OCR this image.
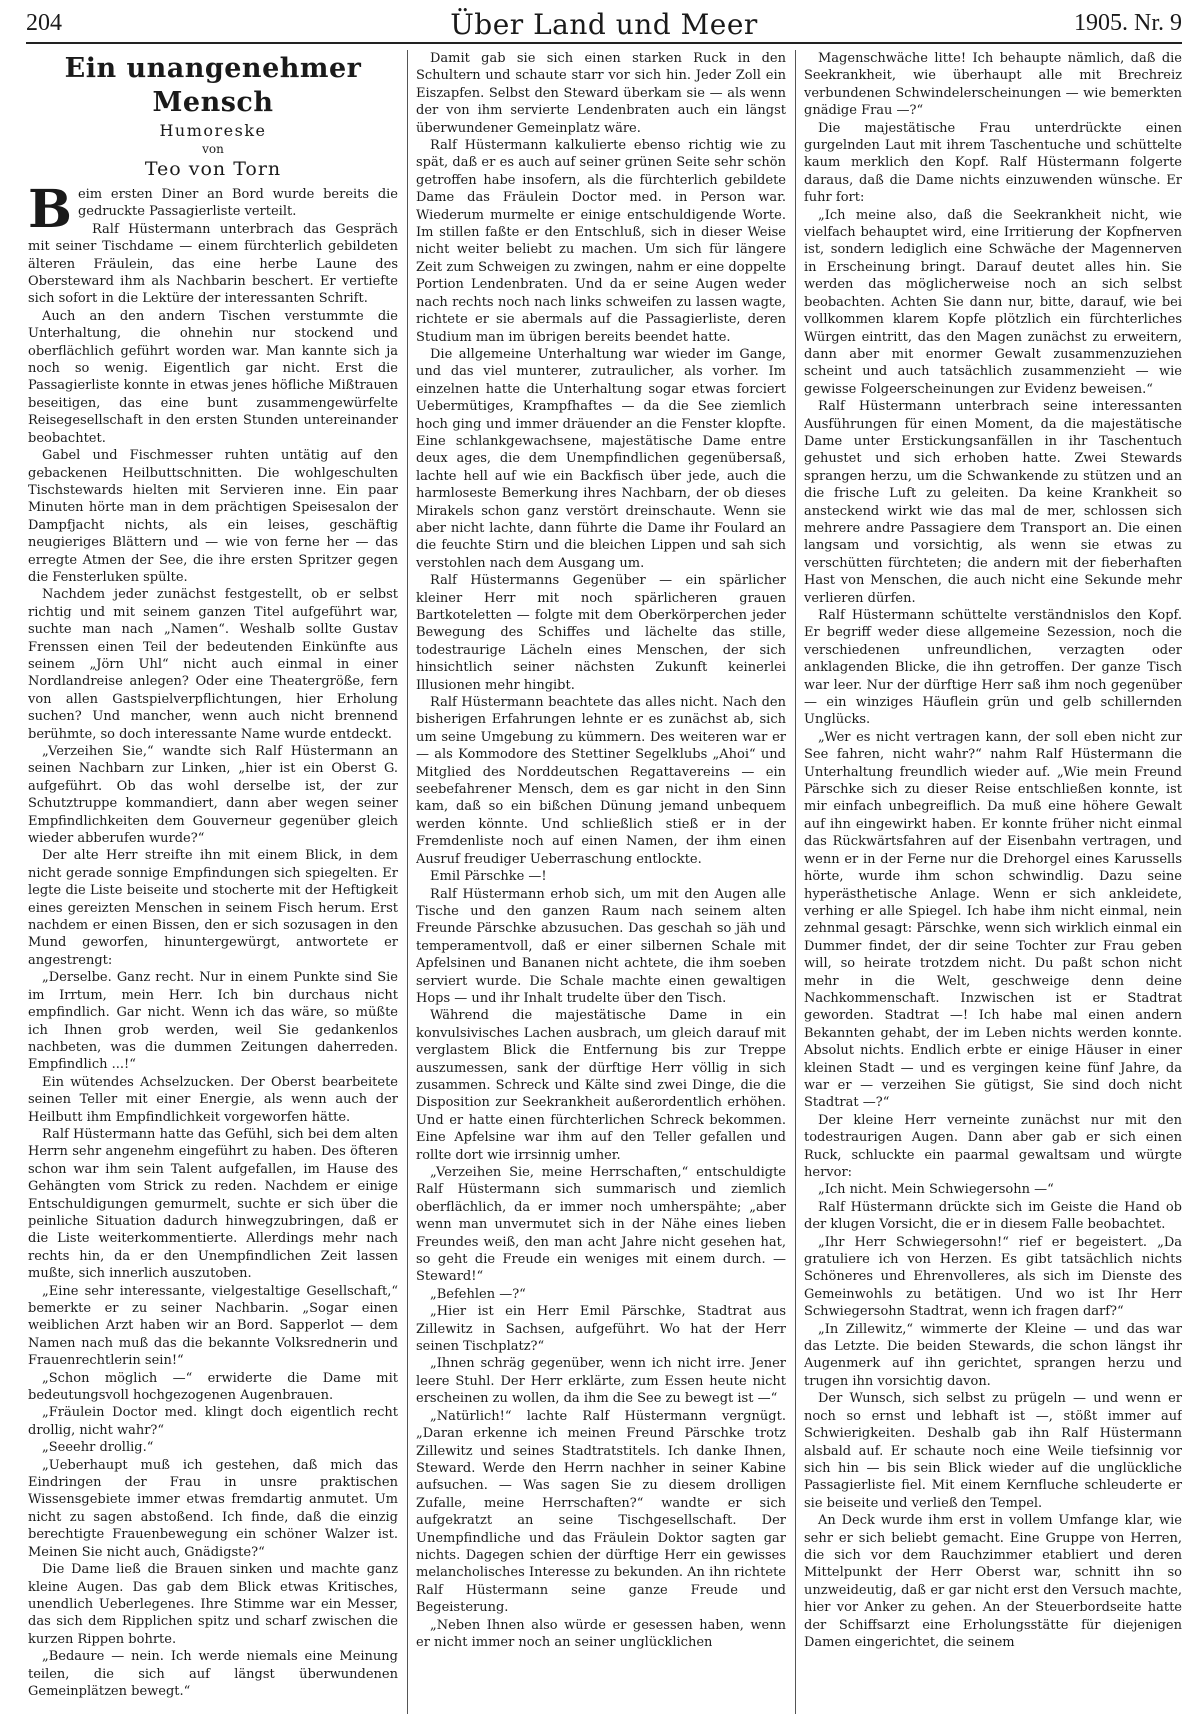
204	Über Land und Meer	1905. Nr. 9
Ein unangenehmer Mensch
Humoreske
von
Teo von Torn

Beim ersten Diner an Bord wurde bereits die gedruckte Passagierliste verteilt.

Ralf Hüstermann unterbrach das Gespräch mit seiner Tischdame — einem fürchterlich gebildeten älteren Fräulein, das eine herbe Laune des Obersteward ihm als Nachbarin beschert. Er vertiefte sich sofort in die Lektüre der interessanten Schrift.

Auch an den andern Tischen verstummte die Unterhaltung, die ohnehin nur stockend und oberflächlich geführt worden war. Man kannte sich ja noch so wenig. Eigentlich gar nicht. Erst die Passagierliste konnte in etwas jenes höfliche Mißtrauen beseitigen, das eine bunt zusammengewürfelte Reisegesellschaft in den ersten Stunden untereinander beobachtet.

Gabel und Fischmesser ruhten untätig auf den gebackenen Heilbuttschnitten. Die wohlgeschulten Tischstewards hielten mit Servieren inne. Ein paar Minuten hörte man in dem prächtigen Speisesalon der Dampfjacht nichts, als ein leises, geschäftig neugieriges Blättern und — wie von ferne her — das erregte Atmen der See, die ihre ersten Spritzer gegen die Fensterluken spülte.

Nachdem jeder zunächst festgestellt, ob er selbst richtig und mit seinem ganzen Titel aufgeführt war, suchte man nach „Namen“. Weshalb sollte Gustav Frenssen einen Teil der bedeutenden Einkünfte aus seinem „Jörn Uhl“ nicht auch einmal in einer Nordlandreise anlegen? Oder eine Theatergröße, fern von allen Gastspielverpflichtungen, hier Erholung suchen? Und mancher, wenn auch nicht brennend berühmte, so doch interessante Name wurde entdeckt.

„Verzeihen Sie,“ wandte sich Ralf Hüstermann an seinen Nachbarn zur Linken, „hier ist ein Oberst G. aufgeführt. Ob das wohl derselbe ist, der zur Schutztruppe kommandiert, dann aber wegen seiner Empfindlichkeiten dem Gouverneur gegenüber gleich wieder abberufen wurde?“

Der alte Herr streifte ihn mit einem Blick, in dem nicht gerade sonnige Empfindungen sich spiegelten. Er legte die Liste beiseite und stocherte mit der Heftigkeit eines gereizten Menschen in seinem Fisch herum. Erst nachdem er einen Bissen, den er sich sozusagen in den Mund geworfen, hinuntergewürgt, antwortete er angestrengt:

„Derselbe. Ganz recht. Nur in einem Punkte sind Sie im Irrtum, mein Herr. Ich bin durchaus nicht empfindlich. Gar nicht. Wenn ich das wäre, so müßte ich Ihnen grob werden, weil Sie gedankenlos nachbeten, was die dummen Zeitungen daherreden. Empfindlich ...!“

Ein wütendes Achselzucken. Der Oberst bearbeitete seinen Teller mit einer Energie, als wenn auch der Heilbutt ihm Empfindlichkeit vorgeworfen hätte.

Ralf Hüstermann hatte das Gefühl, sich bei dem alten Herrn sehr angenehm eingeführt zu haben. Des öfteren schon war ihm sein Talent aufgefallen, im Hause des Gehängten vom Strick zu reden. Nachdem er einige Entschuldigungen gemurmelt, suchte er sich über die peinliche Situation dadurch hinwegzubringen, daß er die Liste weiterkommentierte. Allerdings mehr nach rechts hin, da er den Unempfindlichen Zeit lassen mußte, sich innerlich auszutoben.

„Eine sehr interessante, vielgestaltige Gesellschaft,“ bemerkte er zu seiner Nachbarin. „Sogar einen weiblichen Arzt haben wir an Bord. Sapperlot — dem Namen nach muß das die bekannte Volksrednerin und Frauenrechtlerin sein!“

„Schon möglich —“ erwiderte die Dame mit bedeutungsvoll hochgezogenen Augenbrauen.

„Fräulein Doctor med. klingt doch eigentlich recht drollig, nicht wahr?“

„Seeehr drollig.“

„Ueberhaupt muß ich gestehen, daß mich das Eindringen der Frau in unsre praktischen Wissensgebiete immer etwas fremdartig anmutet. Um nicht zu sagen abstoßend. Ich finde, daß die einzig berechtigte Frauenbewegung ein schöner Walzer ist. Meinen Sie nicht auch, Gnädigste?“

Die Dame ließ die Brauen sinken und machte ganz kleine Augen. Das gab dem Blick etwas Kritisches, unendlich Ueberlegenes. Ihre Stimme war ein Messer, das sich dem Ripplichen spitz und scharf zwischen die kurzen Rippen bohrte.

„Bedaure — nein. Ich werde niemals eine Meinung teilen, die sich auf längst überwundenen Gemeinplätzen bewegt.“

Damit gab sie sich einen starken Ruck in den Schultern und schaute starr vor sich hin. Jeder Zoll ein Eiszapfen. Selbst den Steward überkam sie — als wenn der von ihm servierte Lendenbraten auch ein längst überwundener Gemeinplatz wäre.

Ralf Hüstermann kalkulierte ebenso richtig wie zu spät, daß er es auch auf seiner grünen Seite sehr schön getroffen habe insofern, als die fürchterlich gebildete Dame das Fräulein Doctor med. in Person war. Wiederum murmelte er einige entschuldigende Worte. Im stillen faßte er den Entschluß, sich in dieser Weise nicht weiter beliebt zu machen. Um sich für längere Zeit zum Schweigen zu zwingen, nahm er eine doppelte Portion Lendenbraten. Und da er seine Augen weder nach rechts noch nach links schweifen zu lassen wagte, richtete er sie abermals auf die Passagierliste, deren Studium man im übrigen bereits beendet hatte.

Die allgemeine Unterhaltung war wieder im Gange, und das viel munterer, zutraulicher, als vorher. Im einzelnen hatte die Unterhaltung sogar etwas forciert Uebermütiges, Krampfhaftes — da die See ziemlich hoch ging und immer dräuender an die Fenster klopfte. Eine schlankgewachsene, majestätische Dame entre deux ages, die dem Unempfindlichen gegenübersaß, lachte hell auf wie ein Backfisch über jede, auch die harmloseste Bemerkung ihres Nachbarn, der ob dieses Mirakels schon ganz verstört dreinschaute. Wenn sie aber nicht lachte, dann führte die Dame ihr Foulard an die feuchte Stirn und die bleichen Lippen und sah sich verstohlen nach dem Ausgang um.

Ralf Hüstermanns Gegenüber — ein spärlicher kleiner Herr mit noch spärlicheren grauen Bartkoteletten — folgte mit dem Oberkörperchen jeder Bewegung des Schiffes und lächelte das stille, todestraurige Lächeln eines Menschen, der sich hinsichtlich seiner nächsten Zukunft keinerlei Illusionen mehr hingibt.

Ralf Hüstermann beachtete das alles nicht. Nach den bisherigen Erfahrungen lehnte er es zunächst ab, sich um seine Umgebung zu kümmern. Des weiteren war er — als Kommodore des Stettiner Segelklubs „Ahoi“ und Mitglied des Norddeutschen Regattavereins — ein seebefahrener Mensch, dem es gar nicht in den Sinn kam, daß so ein bißchen Dünung jemand unbequem werden könnte. Und schließlich stieß er in der Fremdenliste noch auf einen Namen, der ihm einen Ausruf freudiger Ueberraschung entlockte.

Emil Pärschke —!

Ralf Hüstermann erhob sich, um mit den Augen alle Tische und den ganzen Raum nach seinem alten Freunde Pärschke abzusuchen. Das geschah so jäh und temperamentvoll, daß er einer silbernen Schale mit Apfelsinen und Bananen nicht achtete, die ihm soeben serviert wurde. Die Schale machte einen gewaltigen Hops — und ihr Inhalt trudelte über den Tisch.

Während die majestätische Dame in ein konvulsivisches Lachen ausbrach, um gleich darauf mit verglastem Blick die Entfernung bis zur Treppe auszumessen, sank der dürftige Herr völlig in sich zusammen. Schreck und Kälte sind zwei Dinge, die die Disposition zur Seekrankheit außerordentlich erhöhen. Und er hatte einen fürchterlichen Schreck bekommen. Eine Apfelsine war ihm auf den Teller gefallen und rollte dort wie irrsinnig umher.

„Verzeihen Sie, meine Herrschaften,“ entschuldigte Ralf Hüstermann sich summarisch und ziemlich oberflächlich, da er immer noch umherspähte; „aber wenn man unvermutet sich in der Nähe eines lieben Freundes weiß, den man acht Jahre nicht gesehen hat, so geht die Freude ein weniges mit einem durch. — Steward!“

„Befehlen —?“

„Hier ist ein Herr Emil Pärschke, Stadtrat aus Zillewitz in Sachsen, aufgeführt. Wo hat der Herr seinen Tischplatz?“

„Ihnen schräg gegenüber, wenn ich nicht irre. Jener leere Stuhl. Der Herr erklärte, zum Essen heute nicht erscheinen zu wollen, da ihm die See zu bewegt ist —“

„Natürlich!“ lachte Ralf Hüstermann vergnügt. „Daran erkenne ich meinen Freund Pärschke trotz Zillewitz und seines Stadtratstitels. Ich danke Ihnen, Steward. Werde den Herrn nachher in seiner Kabine aufsuchen. — Was sagen Sie zu diesem drolligen Zufalle, meine Herrschaften?“ wandte er sich aufgekratzt an seine Tischgesellschaft. Der Unempfindliche und das Fräulein Doktor sagten gar nichts. Dagegen schien der dürftige Herr ein gewisses melancholisches Interesse zu bekunden. An ihn richtete Ralf Hüstermann seine ganze Freude und Begeisterung.

„Neben Ihnen also würde er gesessen haben, wenn er nicht immer noch an seiner unglücklichen

Magenschwäche litte! Ich behaupte nämlich, daß die Seekrankheit, wie überhaupt alle mit Brechreiz verbundenen Schwindelerscheinungen — wie bemerkten gnädige Frau —?“

Die majestätische Frau unterdrückte einen gurgelnden Laut mit ihrem Taschentuche und schüttelte kaum merklich den Kopf. Ralf Hüstermann folgerte daraus, daß die Dame nichts einzuwenden wünsche. Er fuhr fort:

„Ich meine also, daß die Seekrankheit nicht, wie vielfach behauptet wird, eine Irritierung der Kopfnerven ist, sondern lediglich eine Schwäche der Magennerven in Erscheinung bringt. Darauf deutet alles hin. Sie werden das möglicherweise noch an sich selbst beobachten. Achten Sie dann nur, bitte, darauf, wie bei vollkommen klarem Kopfe plötzlich ein fürchterliches Würgen eintritt, das den Magen zunächst zu erweitern, dann aber mit enormer Gewalt zusammenzuziehen scheint und auch tatsächlich zusammenzieht — wie gewisse Folgeerscheinungen zur Evidenz beweisen.“

Ralf Hüstermann unterbrach seine interessanten Ausführungen für einen Moment, da die majestätische Dame unter Erstickungsanfällen in ihr Taschentuch gehustet und sich erhoben hatte. Zwei Stewards sprangen herzu, um die Schwankende zu stützen und an die frische Luft zu geleiten. Da keine Krankheit so ansteckend wirkt wie das mal de mer, schlossen sich mehrere andre Passagiere dem Transport an. Die einen langsam und vorsichtig, als wenn sie etwas zu verschütten fürchteten; die andern mit der fieberhaften Hast von Menschen, die auch nicht eine Sekunde mehr verlieren dürfen.

Ralf Hüstermann schüttelte verständnislos den Kopf. Er begriff weder diese allgemeine Sezession, noch die verschiedenen unfreundlichen, verzagten oder anklagenden Blicke, die ihn getroffen. Der ganze Tisch war leer. Nur der dürftige Herr saß ihm noch gegenüber — ein winziges Häuflein grün und gelb schillernden Unglücks.

„Wer es nicht vertragen kann, der soll eben nicht zur See fahren, nicht wahr?“ nahm Ralf Hüstermann die Unterhaltung freundlich wieder auf. „Wie mein Freund Pärschke sich zu dieser Reise entschließen konnte, ist mir einfach unbegreiflich. Da muß eine höhere Gewalt auf ihn eingewirkt haben. Er konnte früher nicht einmal das Rückwärtsfahren auf der Eisenbahn vertragen, und wenn er in der Ferne nur die Drehorgel eines Karussells hörte, wurde ihm schon schwindlig. Dazu seine hyperästhetische Anlage. Wenn er sich ankleidete, verhing er alle Spiegel. Ich habe ihm nicht einmal, nein zehnmal gesagt: Pärschke, wenn sich wirklich einmal ein Dummer findet, der dir seine Tochter zur Frau geben will, so heirate trotzdem nicht. Du paßt schon nicht mehr in die Welt, geschweige denn deine Nachkommenschaft. Inzwischen ist er Stadtrat geworden. Stadtrat —! Ich habe mal einen andern Bekannten gehabt, der im Leben nichts werden konnte. Absolut nichts. Endlich erbte er einige Häuser in einer kleinen Stadt — und es vergingen keine fünf Jahre, da war er — verzeihen Sie gütigst, Sie sind doch nicht Stadtrat —?“

Der kleine Herr verneinte zunächst nur mit den todestraurigen Augen. Dann aber gab er sich einen Ruck, schluckte ein paarmal gewaltsam und würgte hervor:

„Ich nicht. Mein Schwiegersohn —“

Ralf Hüstermann drückte sich im Geiste die Hand ob der klugen Vorsicht, die er in diesem Falle beobachtet.

„Ihr Herr Schwiegersohn!“ rief er begeistert. „Da gratuliere ich von Herzen. Es gibt tatsächlich nichts Schöneres und Ehrenvolleres, als sich im Dienste des Gemeinwohls zu betätigen. Und wo ist Ihr Herr Schwiegersohn Stadtrat, wenn ich fragen darf?“

„In Zillewitz,“ wimmerte der Kleine — und das war das Letzte. Die beiden Stewards, die schon längst ihr Augenmerk auf ihn gerichtet, sprangen herzu und trugen ihn vorsichtig davon.

Der Wunsch, sich selbst zu prügeln — und wenn er noch so ernst und lebhaft ist —, stößt immer auf Schwierigkeiten. Deshalb gab ihn Ralf Hüstermann alsbald auf. Er schaute noch eine Weile tiefsinnig vor sich hin — bis sein Blick wieder auf die unglückliche Passagierliste fiel. Mit einem Kernfluche schleuderte er sie beiseite und verließ den Tempel.

An Deck wurde ihm erst in vollem Umfange klar, wie sehr er sich beliebt gemacht. Eine Gruppe von Herren, die sich vor dem Rauchzimmer etabliert und deren Mittelpunkt der Herr Oberst war, schnitt ihn so unzweideutig, daß er gar nicht erst den Versuch machte, hier vor Anker zu gehen. An der Steuerbordseite hatte der Schiffsarzt eine Erholungsstätte für diejenigen Damen eingerichtet, die seinem
